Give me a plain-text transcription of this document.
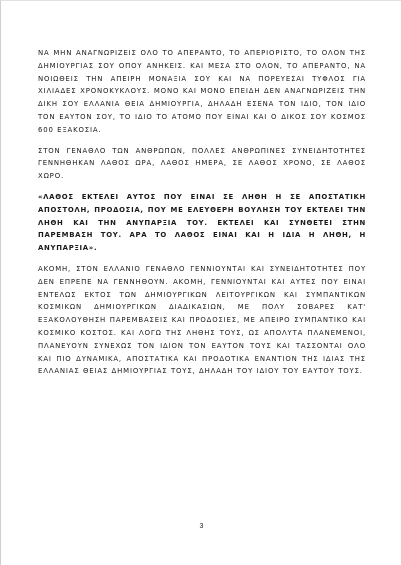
ΝΑ ΜΗΝ ΑΝΑΓΝΩΡΙΖΕΙΣ ΟΛΟ ΤΟ ΑΠΕΡΑΝΤΟ, ΤΟ ΑΠΕΡΙΟΡΙΣΤΟ, ΤΟ ΟΛΟΝ ΤΗΣ ΔΗΜΙΟΥΡΓΙΑΣ ΣΟΥ ΟΠΟΥ ΑΝΗΚΕΙΣ. ΚΑΙ ΜΕΣΑ ΣΤΟ ΟΛΟΝ, ΤΟ ΑΠΕΡΑΝΤΟ, ΝΑ ΝΟΙΩΘΕΙΣ ΤΗΝ ΑΠΕΙΡΗ ΜΟΝΑΞΙΑ ΣΟΥ ΚΑΙ ΝΑ ΠΟΡΕΥΕΣΑΙ ΤΥΦΛΟΣ ΓΙΑ ΧΙΛΙΑΔΕΣ ΧΡΟΝΟΚΥΚΛΟΥΣ. ΜΟΝΟ ΚΑΙ ΜΟΝΟ ΕΠΕΙΔΗ ΔΕΝ ΑΝΑΓΝΩΡΙΖΕΙΣ ΤΗΝ ΔΙΚΗ ΣΟΥ ΕΛΛΑΝΙΑ ΘΕΙΑ ΔΗΜΙΟΥΡΓΙΑ, ΔΗΛΑΔΗ ΕΣΕΝΑ ΤΟΝ ΙΔΙΟ, ΤΟΝ ΙΔΙΟ ΤΟΝ ΕΑΥΤΟΝ ΣΟΥ, ΤΟ ΙΔΙΟ ΤΟ ΑΤΟΜΟ ΠΟΥ ΕΙΝΑΙ ΚΑΙ Ο ΔΙΚΟΣ ΣΟΥ ΚΟΣΜΟΣ 600 ΕΞΑΚΟΣΙΑ.

ΣΤΟΝ ΓΕΝΑΘΛΟ ΤΩΝ ΑΝΘΡΩΠΩΝ, ΠΟΛΛΕΣ ΑΝΘΡΩΠΙΝΕΣ ΣΥΝΕΙΔΗΤΟΤΗΤΕΣ ΓΕΝΝΗΘΗΚΑΝ ΛΑΘΟΣ ΩΡΑ, ΛΑΘΟΣ ΗΜΕΡΑ, ΣΕ ΛΑΘΟΣ ΧΡΟΝΟ, ΣΕ ΛΑΘΟΣ ΧΩΡΟ.

«ΛΑΘΟΣ ΕΚΤΕΛΕΙ ΑΥΤΟΣ ΠΟΥ ΕΙΝΑΙ ΣΕ ΛΗΘΗ Η ΣΕ ΑΠΟΣΤΑΤΙΚΗ ΑΠΟΣΤΟΛΗ, ΠΡΟΔΟΣΙΑ, ΠΟΥ ΜΕ ΕΛΕΥΘΕΡΗ ΒΟΥΛΗΣΗ ΤΟΥ ΕΚΤΕΛΕΙ ΤΗΝ ΛΗΘΗ ΚΑΙ ΤΗΝ ΑΝΥΠΑΡΞΙΑ ΤΟΥ. ΕΚΤΕΛΕΙ ΚΑΙ ΣΥΝΘΕΤΕΙ ΣΤΗΝ ΠΑΡΕΜΒΑΣΗ ΤΟΥ. ΑΡΑ ΤΟ ΛΑΘΟΣ ΕΙΝΑΙ ΚΑΙ Η ΙΔΙΑ Η ΛΗΘΗ, Η ΑΝΥΠΑΡΞΙΑ».

ΑΚΟΜΗ, ΣΤΟΝ ΕΛΛΑΝΙΟ ΓΕΝΑΘΛΟ ΓΕΝΝΙΟΥΝΤΑΙ ΚΑΙ ΣΥΝΕΙΔΗΤΟΤΗΤΕΣ ΠΟΥ ΔΕΝ ΕΠΡΕΠΕ ΝΑ ΓΕΝΝΗΘΟΥΝ. ΑΚΟΜΗ, ΓΕΝΝΙΟΥΝΤΑΙ ΚΑΙ ΑΥΤΕΣ ΠΟΥ ΕΙΝΑΙ ΕΝΤΕΛΩΣ ΕΚΤΟΣ ΤΩΝ ΔΗΜΙΟΥΡΓΙΚΩΝ ΛΕΙΤΟΥΡΓΙΚΩΝ ΚΑΙ ΣΥΜΠΑΝΤΙΚΩΝ ΚΟΣΜΙΚΩΝ ΔΗΜΙΟΥΡΓΙΚΩΝ ΔΙΑΔΙΚΑΣΙΩΝ, ΜΕ ΠΟΛΥ ΣΟΒΑΡΕΣ ΚΑΤ' ΕΞΑΚΟΛΟΥΘΗΣΗ ΠΑΡΕΜΒΑΣΕΙΣ ΚΑΙ ΠΡΟΔΟΣΙΕΣ, ΜΕ ΑΠΕΙΡΟ ΣΥΜΠΑΝΤΙΚΟ ΚΑΙ ΚΟΣΜΙΚΟ ΚΟΣΤΟΣ. ΚΑΙ ΛΟΓΩ ΤΗΣ ΛΗΘΗΣ ΤΟΥΣ, ΩΣ ΑΠΟΛΥΤΑ ΠΛΑΝΕΜΕΝΟΙ, ΠΛΑΝΕΥΟΥΝ ΣΥΝΕΧΩΣ ΤΟΝ ΙΔΙΟΝ ΤΟΝ ΕΑΥΤΟΝ ΤΟΥΣ ΚΑΙ ΤΑΣΣΟΝΤΑΙ ΟΛΟ ΚΑΙ ΠΙΟ ΔΥΝΑΜΙΚΑ, ΑΠΟΣΤΑΤΙΚΑ ΚΑΙ ΠΡΟΔΟΤΙΚΑ ΕΝΑΝΤΙΟΝ ΤΗΣ ΙΔΙΑΣ ΤΗΣ ΕΛΛΑΝΙΑΣ ΘΕΙΑΣ ΔΗΜΙΟΥΡΓΙΑΣ ΤΟΥΣ, ΔΗΛΑΔΗ ΤΟΥ ΙΔΙΟΥ ΤΟΥ ΕΑΥΤΟΥ ΤΟΥΣ.

3
